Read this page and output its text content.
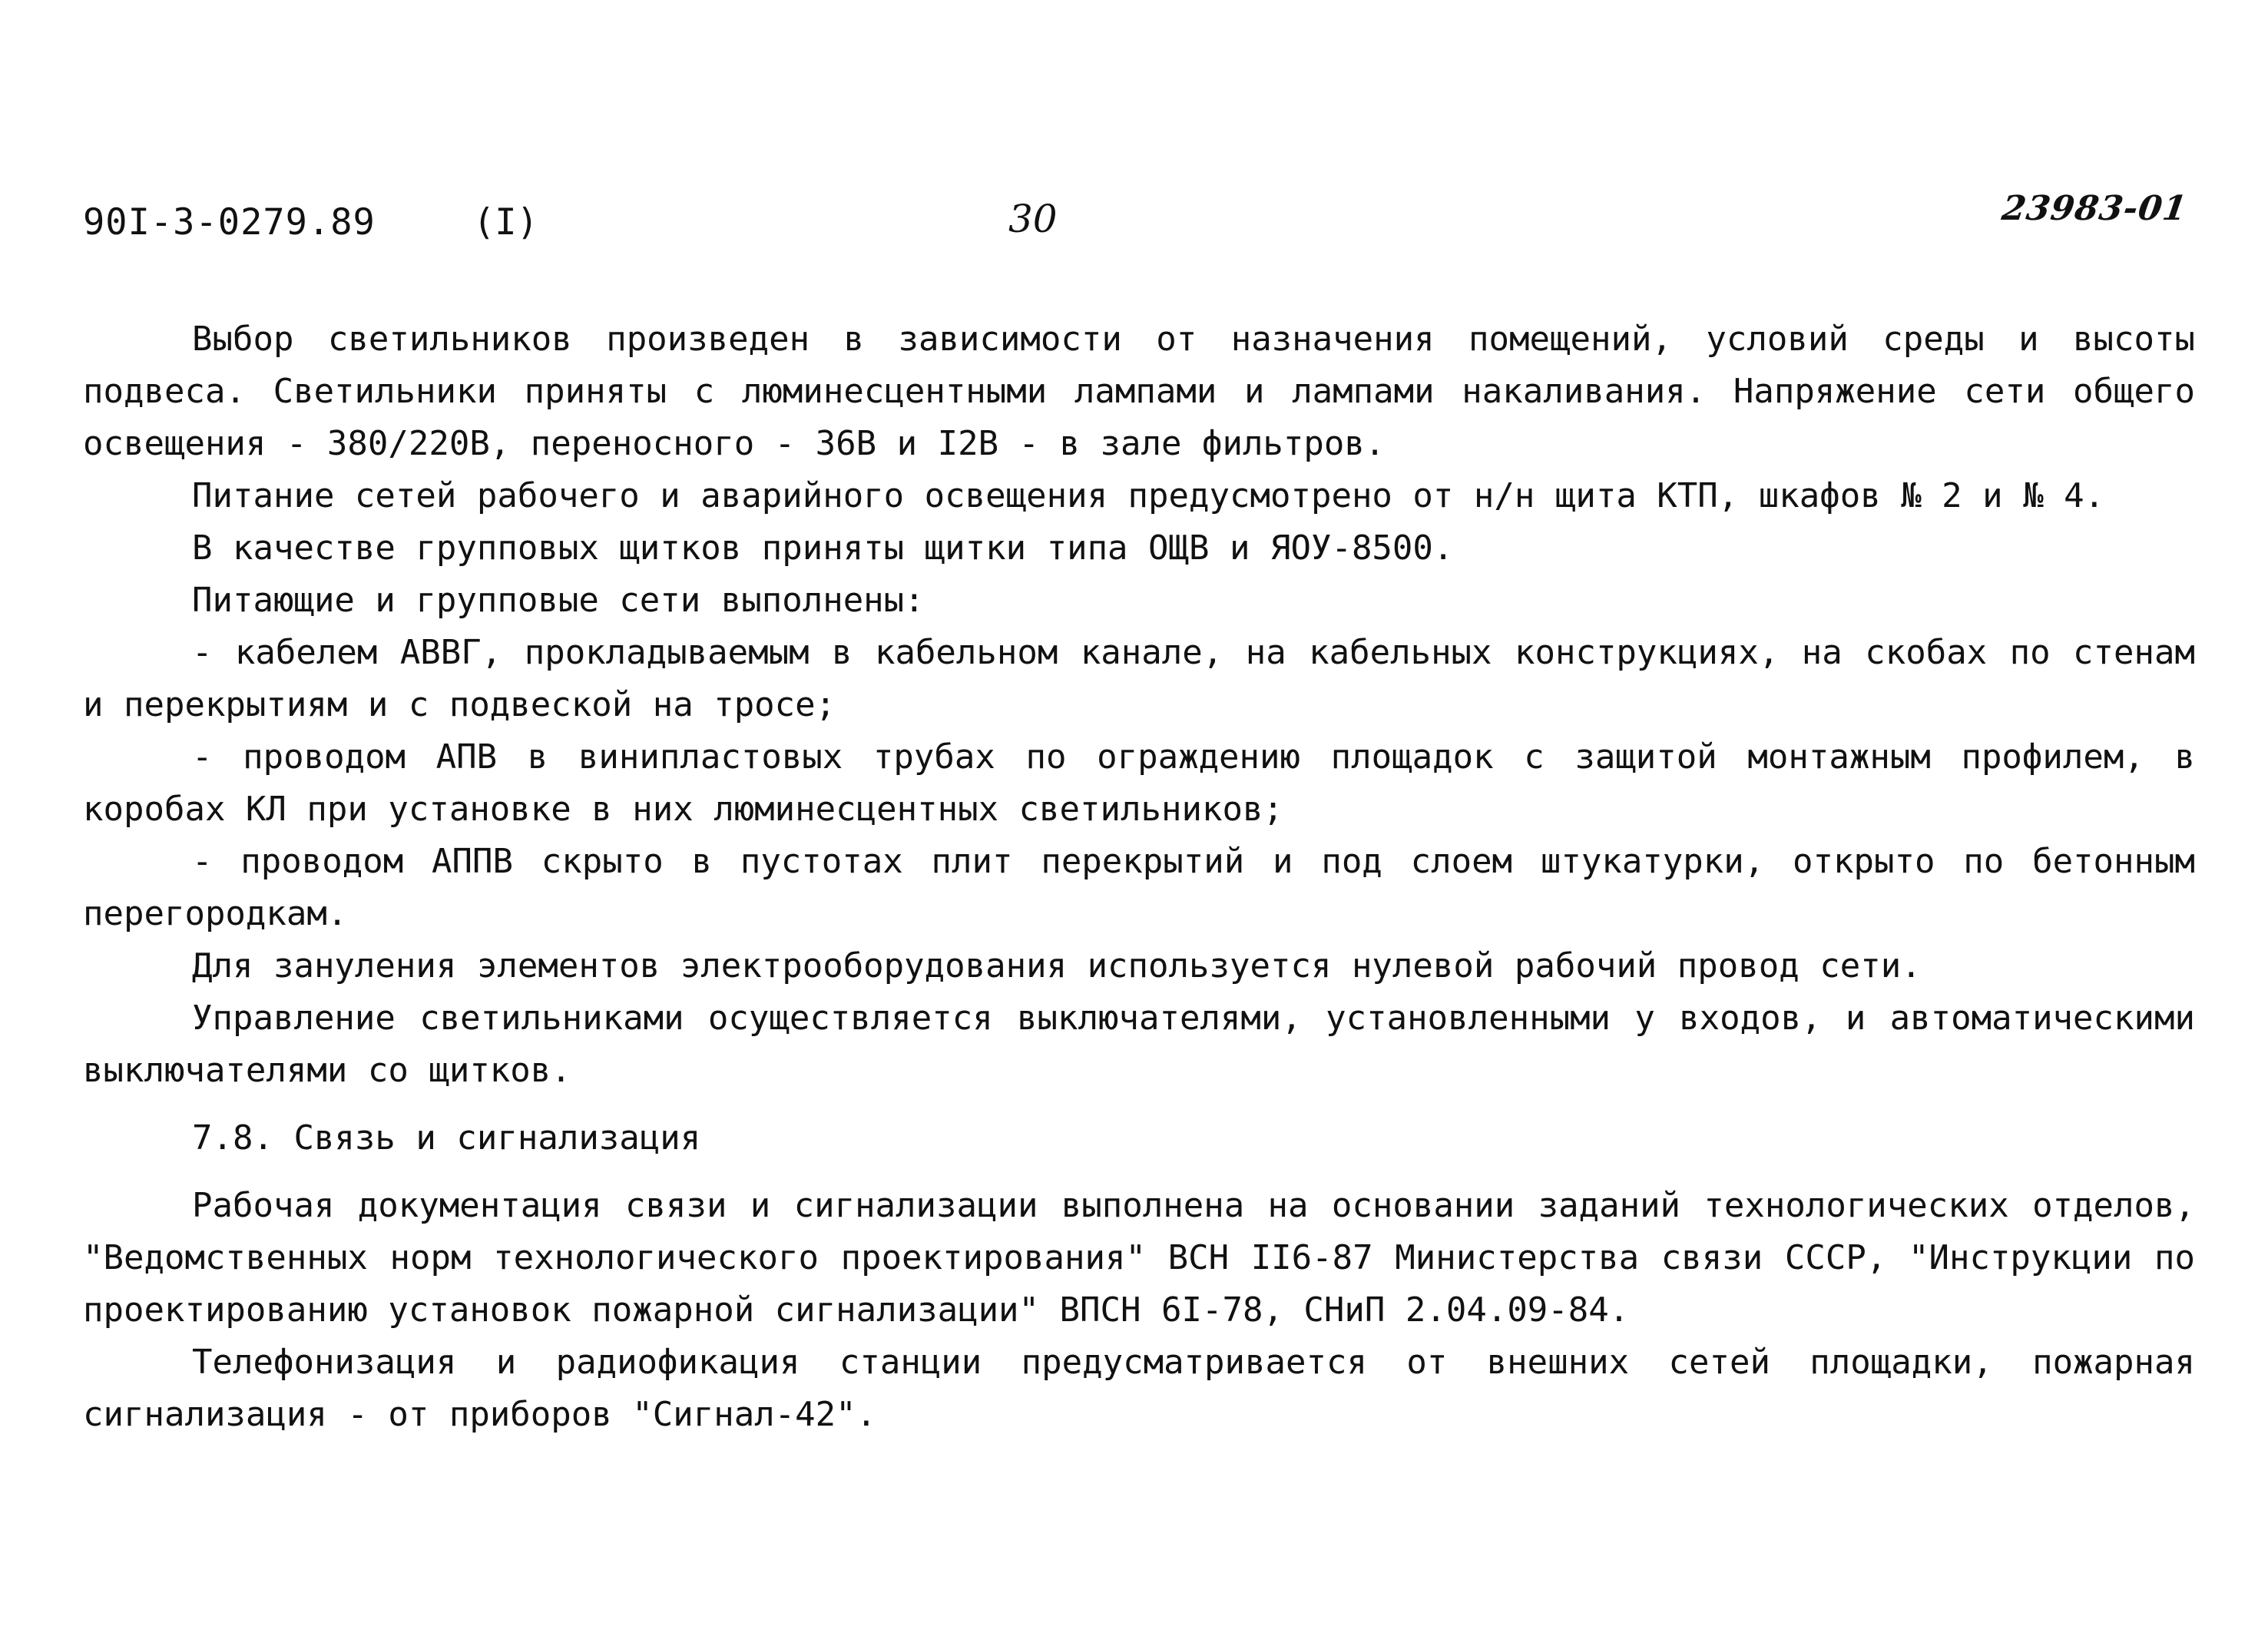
90I-3-0279.89	(I)	30	23983-01

Выбор светильников произведен в зависимости от назначения помещений, условий среды и высоты подвеса. Светильники приняты с люминесцентными лампами и лампами накаливания. Напряжение сети общего освещения - 380/220В, переносного - 36В и I2В - в зале фильтров.

Питание сетей рабочего и аварийного освещения предусмотрено от н/н щита КТП, шкафов № 2 и № 4.

В качестве групповых щитков приняты щитки типа ОЩВ и ЯОУ-8500.

Питающие и групповые сети выполнены:

- кабелем АВВГ, прокладываемым в кабельном канале, на кабельных конструкциях, на скобах по стенам и перекрытиям и с подвеской на тросе;

- проводом АПВ в винипластовых трубах по ограждению площадок с защитой монтажным профилем, в коробах КЛ при установке в них люминесцентных светильников;

- проводом АППВ скрыто в пустотах плит перекрытий и под слоем штукатурки, открыто по бетонным перегородкам.

Для зануления элементов электрооборудования используется нулевой рабочий провод сети.

Управление светильниками осуществляется выключателями, установленными у входов, и автоматическими выключателями со щитков.

7.8. Связь и сигнализация

Рабочая документация связи и сигнализации выполнена на основании заданий технологических отделов, "Ведомственных норм технологического проектирования" ВСН II6-87 Министерства связи СССР, "Инструкции по проектированию установок пожарной сигнализации" ВПСН 6I-78, СНиП 2.04.09-84.

Телефонизация и радиофикация станции предусматривается от внешних сетей площадки, пожарная сигнализация - от приборов "Сигнал-42".
